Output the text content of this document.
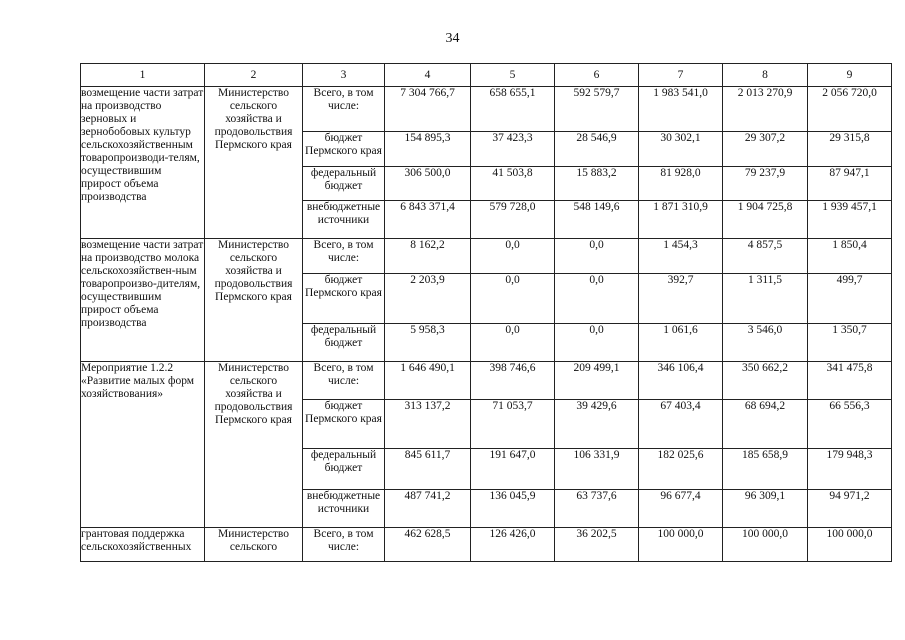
34
1	2	3	4	5	6	7	8	9
возмещение части затрат на производство зерновых и зернобобовых культур сельскохозяйственным товаропроизводи-телям, осуществившим прирост объема производства	Министерство сельского хозяйства и продовольствия Пермского края	Всего, в том числе:	7 304 766,7	658 655,1	592 579,7	1 983 541,0	2 013 270,9	2 056 720,0
		бюджет Пермского края	154 895,3	37 423,3	28 546,9	30 302,1	29 307,2	29 315,8
		федеральный бюджет	306 500,0	41 503,8	15 883,2	81 928,0	79 237,9	87 947,1
		внебюджетные источники	6 843 371,4	579 728,0	548 149,6	1 871 310,9	1 904 725,8	1 939 457,1
возмещение части затрат на производство молока сельскохозяйствен-ным товаропроизво-дителям, осуществившим прирост объема производства	Министерство сельского хозяйства и продовольствия Пермского края	Всего, в том числе:	8 162,2	0,0	0,0	1 454,3	4 857,5	1 850,4
		бюджет Пермского края	2 203,9	0,0	0,0	392,7	1 311,5	499,7
		федеральный бюджет	5 958,3	0,0	0,0	1 061,6	3 546,0	1 350,7
Мероприятие 1.2.2 «Развитие малых форм хозяйствования»	Министерство сельского хозяйства и продовольствия Пермского края	Всего, в том числе:	1 646 490,1	398 746,6	209 499,1	346 106,4	350 662,2	341 475,8
		бюджет Пермского края	313 137,2	71 053,7	39 429,6	67 403,4	68 694,2	66 556,3
		федеральный бюджет	845 611,7	191 647,0	106 331,9	182 025,6	185 658,9	179 948,3
		внебюджетные источники	487 741,2	136 045,9	63 737,6	96 677,4	96 309,1	94 971,2
грантовая поддержка сельскохозяйственных	Министерство сельского	Всего, в том числе:	462 628,5	126 426,0	36 202,5	100 000,0	100 000,0	100 000,0
